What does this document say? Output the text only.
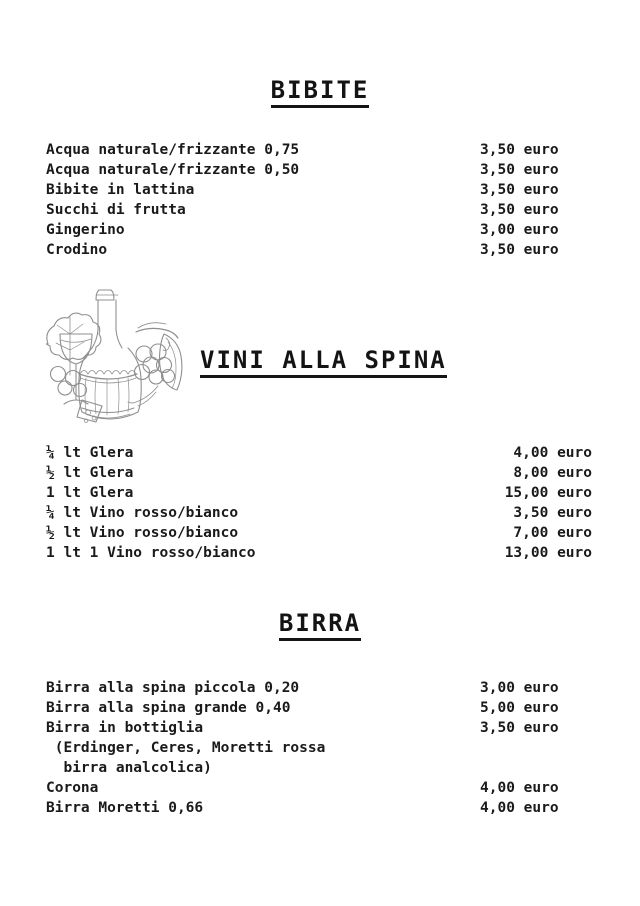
BIBITE
Acqua naturale/frizzante 0,75	3,50 euro
Acqua naturale/frizzante 0,50	3,50 euro
Bibite in lattina	3,50 euro
Succhi di frutta	3,50 euro
Gingerino	3,00 euro
Crodino	3,50 euro
VINI ALLA SPINA
¼ lt Glera	4,00 euro
½ lt Glera	8,00 euro
1 lt Glera	15,00 euro
¼ lt Vino rosso/bianco	3,50 euro
½ lt Vino rosso/bianco	7,00 euro
1 lt 1 Vino rosso/bianco	13,00 euro
BIRRA
Birra alla spina piccola 0,20	3,00 euro
Birra alla spina grande 0,40	5,00 euro
Birra in bottiglia	3,50 euro
(Erdinger, Ceres, Moretti rossa
birra analcolica)
Corona	4,00 euro
Birra Moretti 0,66	4,00 euro
